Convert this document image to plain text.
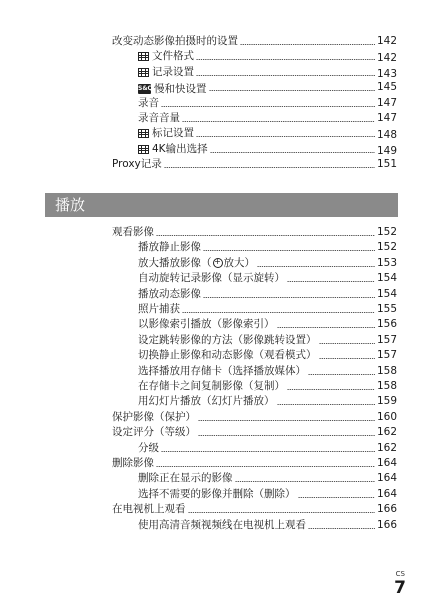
改变动态影像拍摄时的设置	142
文件格式	142
记录设置	143
S&Q 慢和快设置	145
录音	147
录音音量	147
标记设置	148
4K输出选择	149
Proxy记录	151
播放
观看影像	152
播放静止影像	152
放大播放影像（ + 放大）	153
自动旋转记录影像（显示旋转）	154
播放动态影像	154
照片捕获	155
以影像索引播放（影像索引）	156
设定跳转影像的方法（影像跳转设置）	157
切换静止影像和动态影像（观看模式）	157
选择播放用存储卡（选择播放媒体）	158
在存储卡之间复制影像（复制）	158
用幻灯片播放（幻灯片播放）	159
保护影像（保护）	160
设定评分（等级）	162
分级	162
删除影像	164
删除正在显示的影像	164
选择不需要的影像并删除（删除）	164
在电视机上观看	166
使用高清音频视频线在电视机上观看	166
CS
7
